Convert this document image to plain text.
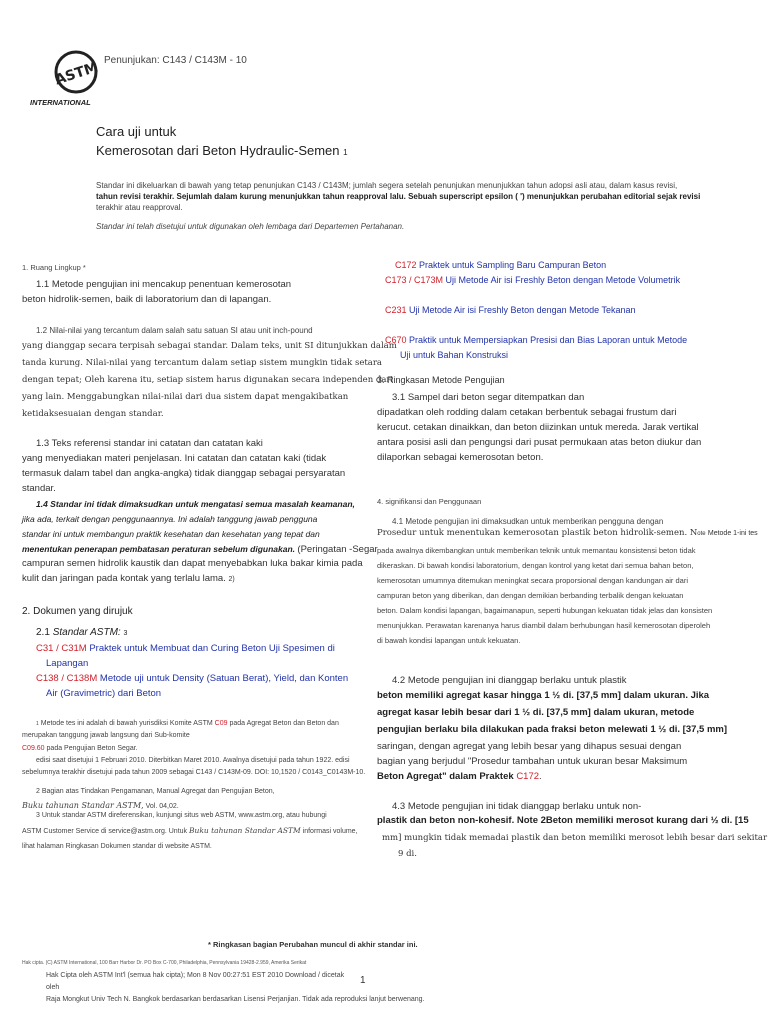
ASTM
INTERNATIONAL
Penunjukan: C143 / C143M - 10
Cara uji untuk
Kemerosotan dari Beton Hydraulic-Semen 1
Standar ini dikeluarkan di bawah yang tetap penunjukan C143 / C143M; jumlah segera setelah penunjukan menunjukkan tahun adopsi asli atau, dalam kasus revisi,
tahun revisi terakhir. Sejumlah dalam kurung menunjukkan tahun reapproval lalu. Sebuah superscript epsilon ( ') menunjukkan perubahan editorial sejak revisi
terakhir atau reapproval.
Standar ini telah disetujui untuk digunakan oleh lembaga dari Departemen Pertahanan.
1. Ruang Lingkup *
1.1 Metode pengujian ini mencakup penentuan kemerosotan
beton hidrolik-semen, baik di laboratorium dan di lapangan.
1.2 Nilai-nilai yang tercantum dalam salah satu satuan SI atau unit inch-pound
yang dianggap secara terpisah sebagai standar. Dalam teks, unit SI ditunjukkan dalam
tanda kurung. Nilai-nilai yang tercantum dalam setiap sistem mungkin tidak setara
dengan tepat; Oleh karena itu, setiap sistem harus digunakan secara independen dari
yang lain. Menggabungkan nilai-nilai dari dua sistem dapat mengakibatkan
ketidaksesuaian dengan standar.
1.3 Teks referensi standar ini catatan dan catatan kaki
yang menyediakan materi penjelasan. Ini catatan dan catatan kaki (tidak
termasuk dalam tabel dan angka-angka) tidak dianggap sebagai persyaratan
standar.
1.4 Standar ini tidak dimaksudkan untuk mengatasi semua masalah keamanan,
jika ada, terkait dengan penggunaannya. Ini adalah tanggung jawab pengguna
standar ini untuk membangun praktik kesehatan dan kesehatan yang tepat dan
menentukan penerapan pembatasan peraturan sebelum digunakan. (Peringatan -Segar
campuran semen hidrolik kaustik dan dapat menyebabkan luka bakar kimia pada
kulit dan jaringan pada kontak yang terlalu lama. 2)
2. Dokumen yang dirujuk
2.1 Standar ASTM: 3
C31 / C31M Praktek untuk Membuat dan Curing Beton Uji Spesimen di
Lapangan
C138 / C138M Metode uji untuk Density (Satuan Berat), Yield, dan Konten
Air (Gravimetric) dari Beton
1 Metode tes ini adalah di bawah yurisdiksi Komite ASTM C09 pada Agregat Beton dan Beton dan
merupakan tanggung jawab langsung dari Sub-komite
C09.60 pada Pengujian Beton Segar.
edisi saat disetujui 1 Februari 2010. Diterbitkan Maret 2010. Awalnya disetujui pada tahun 1922. edisi
sebelumnya terakhir disetujui pada tahun 2009 sebagai C143 / C143M-09. DOI: 10,1520 / C0143_C0143M-10.
2 Bagian atas Tindakan Pengamanan, Manual Agregat dan Pengujian Beton,
Buku tahunan Standar ASTM, Vol. 04,02.
3 Untuk standar ASTM direferensikan, kunjungi situs web ASTM, www.astm.org, atau hubungi
ASTM Customer Service di service@astm.org. Untuk Buku tahunan Standar ASTM informasi volume,
lihat halaman Ringkasan Dokumen standar di website ASTM.
C172 Praktek untuk Sampling Baru Campuran Beton
C173 / C173M Uji Metode Air isi Freshly Beton dengan Metode Volumetrik
C231 Uji Metode Air isi Freshly Beton dengan Metode Tekanan
C670 Praktik untuk Mempersiapkan Presisi dan Bias Laporan untuk Metode
Uji untuk Bahan Konstruksi
3. Ringkasan Metode Pengujian
3.1 Sampel dari beton segar ditempatkan dan
dipadatkan oleh rodding dalam cetakan berbentuk sebagai frustum dari
kerucut. cetakan dinaikkan, dan beton diizinkan untuk mereda. Jarak vertikal
antara posisi asli dan pengungsi dari pusat permukaan atas beton diukur dan
dilaporkan sebagai kemerosotan beton.
4. signifikansi dan Penggunaan
4.1 Metode pengujian ini dimaksudkan untuk memberikan pengguna dengan
Prosedur untuk menentukan kemerosotan plastik beton hidrolik-semen. Note Metode 1-ini tes
pada awalnya dikembangkan untuk memberikan teknik untuk memantau konsistensi beton tidak
dikeraskan. Di bawah kondisi laboratorium, dengan kontrol yang ketat dari semua bahan beton,
kemerosotan umumnya ditemukan meningkat secara proporsional dengan kandungan air dari
campuran beton yang diberikan, dan dengan demikian berbanding terbalik dengan kekuatan
beton. Dalam kondisi lapangan, bagaimanapun, seperti hubungan kekuatan tidak jelas dan konsisten
menunjukkan. Perawatan karenanya harus diambil dalam berhubungan hasil kemerosotan diperoleh
di bawah kondisi lapangan untuk kekuatan.
4.2 Metode pengujian ini dianggap berlaku untuk plastik
beton memiliki agregat kasar hingga 1 ½ di. [37,5 mm] dalam ukuran. Jika
agregat kasar lebih besar dari 1 ½ di. [37,5 mm] dalam ukuran, metode
pengujian berlaku bila dilakukan pada fraksi beton melewati 1 ½ di. [37,5 mm]
saringan, dengan agregat yang lebih besar yang dihapus sesuai dengan
bagian yang berjudul "Prosedur tambahan untuk ukuran besar Maksimum
Beton Agregat" dalam Praktek C172.
4.3 Metode pengujian ini tidak dianggap berlaku untuk non-
plastik dan beton non-kohesif. Note 2Beton memiliki merosot kurang dari ½ di. [15
mm] mungkin tidak memadai plastik dan beton memiliki merosot lebih besar dari sekitar
9 di.
* Ringkasan bagian Perubahan muncul di akhir standar ini.
Hak cipta. (C) ASTM International, 100 Barr Harbor Dr. PO Box C-700, Philadelphia, Pennsylvania 19428-2.959, Amerika Serikat
Hak Cipta oleh ASTM Int'l (semua hak cipta); Mon 8 Nov 00:27:51 EST 2010 Download / dicetak
oleh
Raja Mongkut Univ Tech N. Bangkok berdasarkan berdasarkan Lisensi Perjanjian. Tidak ada reproduksi lanjut berwenang.
1
